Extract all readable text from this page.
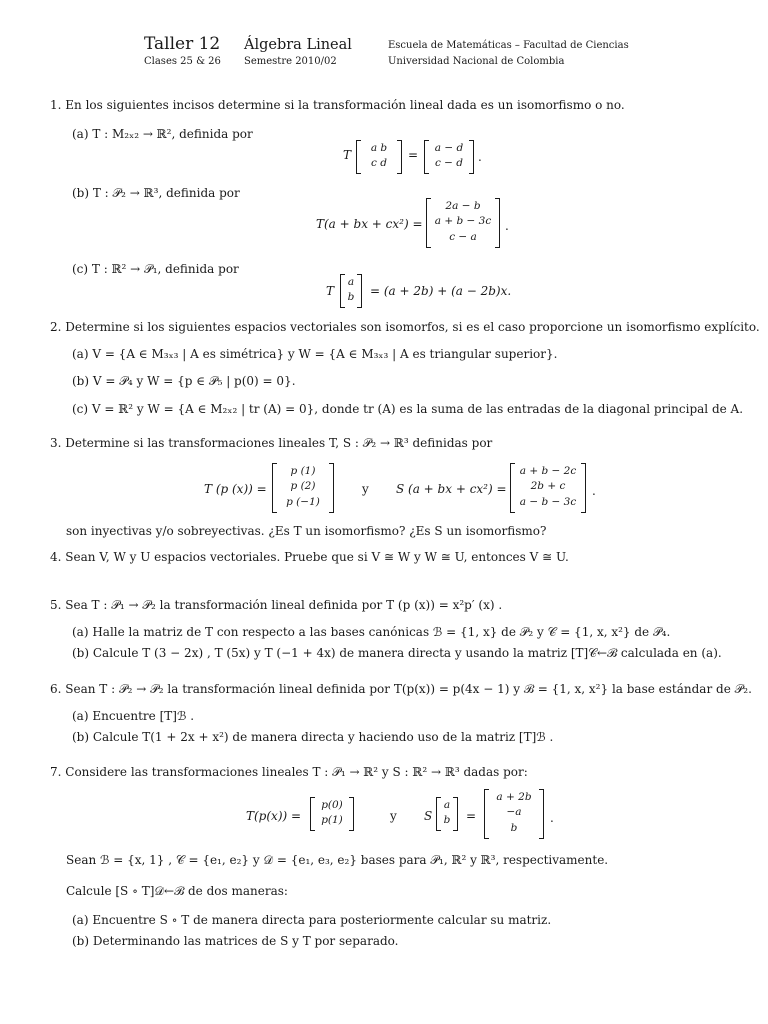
Taller 12
Clases 25 & 26
Álgebra Lineal
Semestre 2010/02
Escuela de Matemáticas – Facultad de Ciencias
Universidad Nacional de Colombia
1. En los siguientes incisos determine si la transformación lineal dada es un isomorfismo o no.
(a) T : M₂ₓ₂ → ℝ², definida por
T	a b
c d
=	a − d
c − d	.
(b) T : 𝒫₂ → ℝ³, definida por
T(a + bx + cx²) =
2a − b
a + b − 3c
c − a
.
(c) T : ℝ² → 𝒫₁, definida por
T
a
b	= (a + 2b) + (a − 2b)x.
2. Determine si los siguientes espacios vectoriales son isomorfos, si es el caso proporcione un isomorfismo explícito.
(a) V = {A ∈ M₃ₓ₃ | A es simétrica} y W = {A ∈ M₃ₓ₃ | A es triangular superior}.
(b) V = 𝒫₄ y W = {p ∈ 𝒫₅ | p(0) = 0}.
(c) V = ℝ² y W = {A ∈ M₂ₓ₂ | tr (A) = 0}, donde tr (A) es la suma de las entradas de la diagonal principal de A.
3. Determine si las transformaciones lineales T, S : 𝒫₂ → ℝ³ definidas por
T (p (x)) =
p (1)
p (2)
p (−1)
y S (a + bx + cx²) =
a + b − 2c
2b + c
a − b − 3c
.
son inyectivas y/o sobreyectivas. ¿Es T un isomorfismo? ¿Es S un isomorfismo?
4. Sean V, W y U espacios vectoriales. Pruebe que si V ≅ W y W ≅ U, entonces V ≅ U.
5. Sea T : 𝒫₁ → 𝒫₂ la transformación lineal definida por T (p (x)) = x²p′ (x) .
(a) Halle la matriz de T con respecto a las bases canónicas ℬ = {1, x} de 𝒫₂ y 𝒞 = {1, x, x²} de 𝒫₄.
(b) Calcule T (3 − 2x) , T (5x) y T (−1 + 4x) de manera directa y usando la matriz [T]𝒞←ℬ calculada en (a).
6. Sean T : 𝒫₂ → 𝒫₂ la transformación lineal definida por T(p(x)) = p(4x − 1) y ℬ = {1, x, x²} la base estándar de 𝒫₂.
(a) Encuentre [T]ℬ .
(b) Calcule T(1 + 2x + x²) de manera directa y haciendo uso de la matriz [T]ℬ .
7. Considere las transformaciones lineales T : 𝒫₁ → ℝ² y S : ℝ² → ℝ³ dadas por:
T(p(x)) =
p(0)
p(1)	y S
a
b	=
a + 2b
−a
b
.
Sean ℬ = {x, 1} , 𝒞 = {e₁, e₂} y 𝒟 = {e₁, e₃, e₂} bases para 𝒫₁, ℝ² y ℝ³, respectivamente.
Calcule [S ∘ T]𝒟←ℬ de dos maneras:
(a) Encuentre S ∘ T de manera directa para posteriormente calcular su matriz.
(b) Determinando las matrices de S y T por separado.
